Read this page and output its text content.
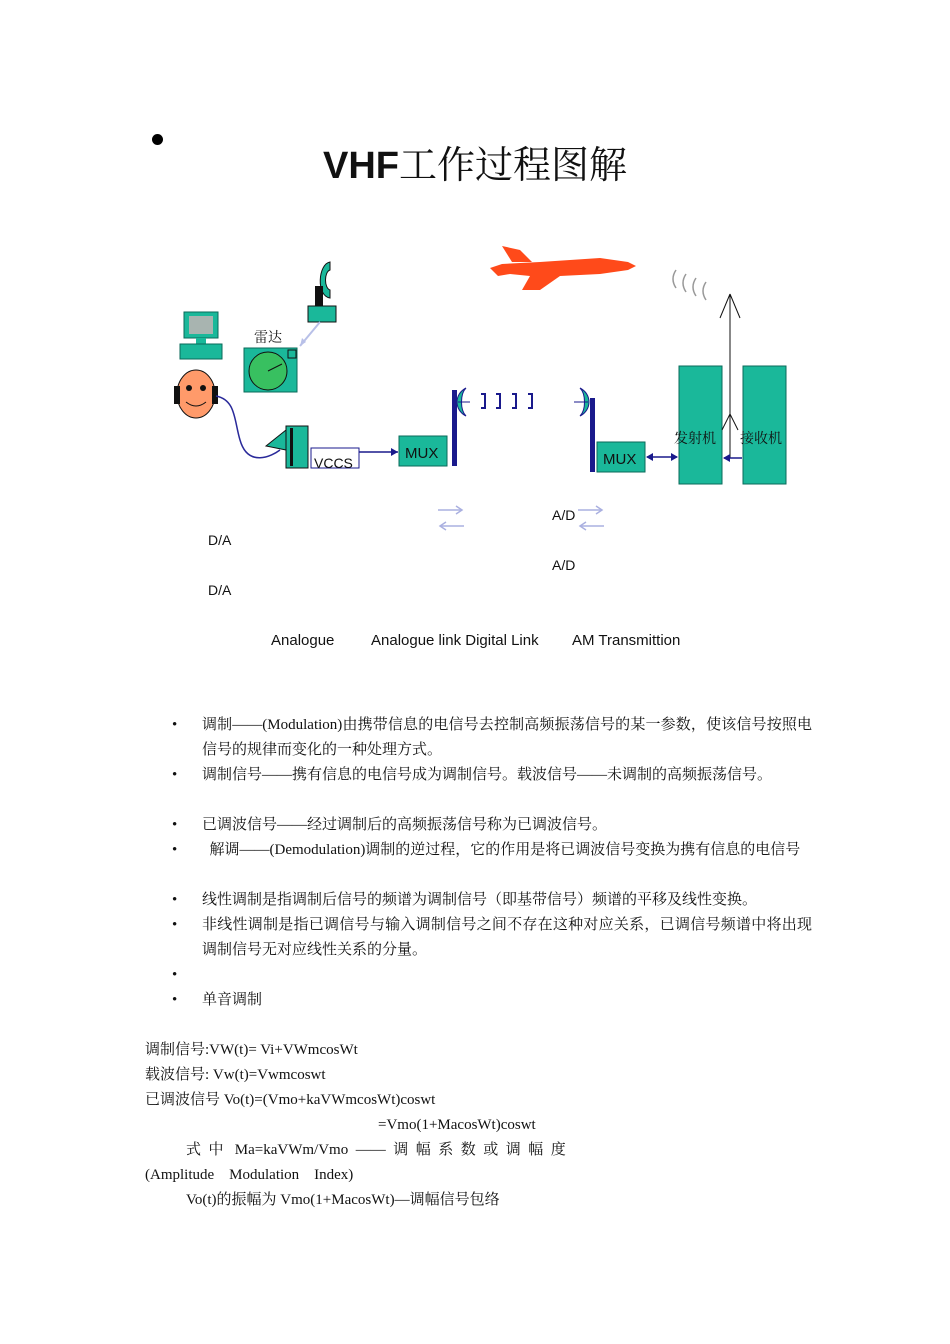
VHF工作过程图解
雷达
VCCS
MUX	MUX
发射机 接收机
A/D
D/A
A/D
D/A
Analogue Analogue link Digital Link AM Transmittion
•	调制——(Modulation)由携带信息的电信号去控制高频振荡信号的某一参数，使该信号按照电信号的规律而变化的一种处理方式。
•	调制信号——携有信息的电信号成为调制信号。载波信号——未调制的高频振荡信号。
•	已调波信号——经过调制后的高频振荡信号称为已调波信号。
•	解调——(Demodulation)调制的逆过程，它的作用是将已调波信号变换为携有信息的电信号
•	线性调制是指调制后信号的频谱为调制信号（即基带信号）频谱的平移及线性变换。
•	非线性调制是指已调信号与输入调制信号之间不存在这种对应关系，已调信号频谱中将出现调制信号无对应线性关系的分量。
•
•	单音调制
调制信号:VW(t)= Vi+VWmcosWt
载波信号: Vw(t)=Vwmcoswt
已调波信号 Vo(t)=(Vmo+kaVWmcosWt)coswt
=Vmo(1+MacosWt)coswt
式  中   Ma=kaVWm/Vmo  ——  调  幅  系  数  或  调  幅  度
(Amplitude    Modulation    Index)
Vo(t)的振幅为 Vmo(1+MacosWt)—调幅信号包络
